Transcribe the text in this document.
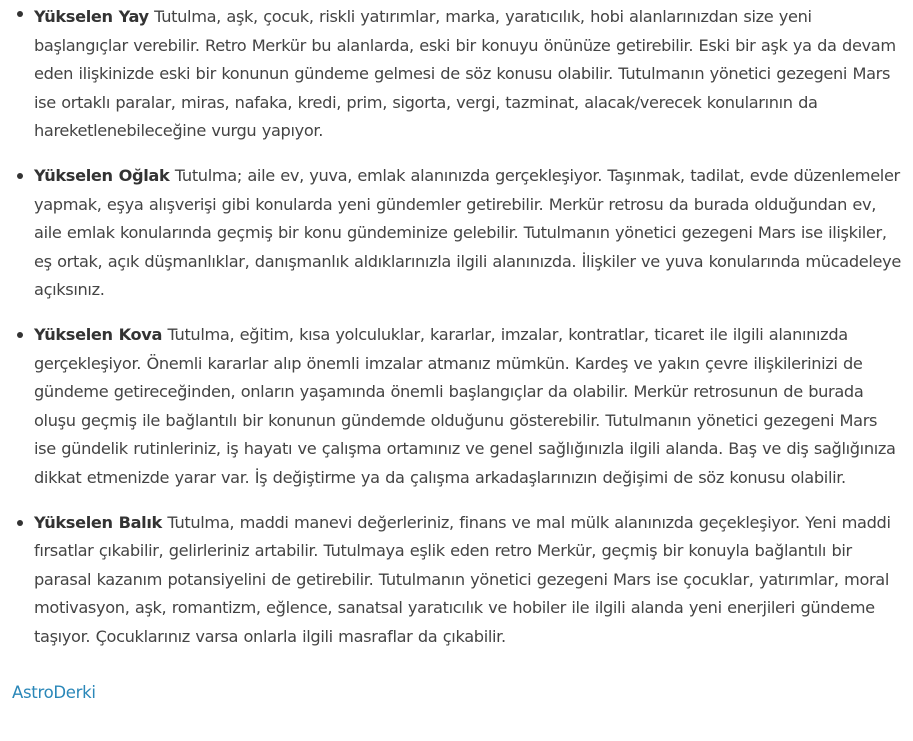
Yükselen Yay Tutulma, aşk, çocuk, riskli yatırımlar, marka, yaratıcılık, hobi alanlarınızdan size yeni başlangıçlar verebilir. Retro Merkür bu alanlarda, eski bir konuyu önünüze getirebilir. Eski bir aşk ya da devam eden ilişkinizde eski bir konunun gündeme gelmesi de söz konusu olabilir. Tutulmanın yönetici gezegeni Mars ise ortaklı paralar, miras, nafaka, kredi, prim, sigorta, vergi, tazminat, alacak/verecek konularının da hareketlenebileceğine vurgu yapıyor.
Yükselen Oğlak Tutulma; aile ev, yuva, emlak alanınızda gerçekleşiyor. Taşınmak, tadilat, evde düzenlemeler yapmak, eşya alışverişi gibi konularda yeni gündemler getirebilir. Merkür retrosu da burada olduğundan ev, aile emlak konularında geçmiş bir konu gündeminize gelebilir. Tutulmanın yönetici gezegeni Mars ise ilişkiler, eş ortak, açık düşmanlıklar, danışmanlık aldıklarınızla ilgili alanınızda. İlişkiler ve yuva konularında mücadeleye açıksınız.
Yükselen Kova Tutulma, eğitim, kısa yolculuklar, kararlar, imzalar, kontratlar, ticaret ile ilgili alanınızda gerçekleşiyor. Önemli kararlar alıp önemli imzalar atmanız mümkün. Kardeş ve yakın çevre ilişkilerinizi de gündeme getireceğinden, onların yaşamında önemli başlangıçlar da olabilir. Merkür retrosunun de burada oluşu geçmiş ile bağlantılı bir konunun gündemde olduğunu gösterebilir. Tutulmanın yönetici gezegeni Mars ise gündelik rutinleriniz, iş hayatı ve çalışma ortamınız ve genel sağlığınızla ilgili alanda. Baş ve diş sağlığınıza dikkat etmenizde yarar var. İş değiştirme ya da çalışma arkadaşlarınızın değişimi de söz konusu olabilir.
Yükselen Balık Tutulma, maddi manevi değerleriniz, finans ve mal mülk alanınızda geçekleşiyor. Yeni maddi fırsatlar çıkabilir, gelirleriniz artabilir. Tutulmaya eşlik eden retro Merkür, geçmiş bir konuyla bağlantılı bir parasal kazanım potansiyelini de getirebilir. Tutulmanın yönetici gezegeni Mars ise çocuklar, yatırımlar, moral motivasyon, aşk, romantizm, eğlence, sanatsal yaratıcılık ve hobiler ile ilgili alanda yeni enerjileri gündeme taşıyor. Çocuklarınız varsa onlarla ilgili masraflar da çıkabilir.
AstroDerki
